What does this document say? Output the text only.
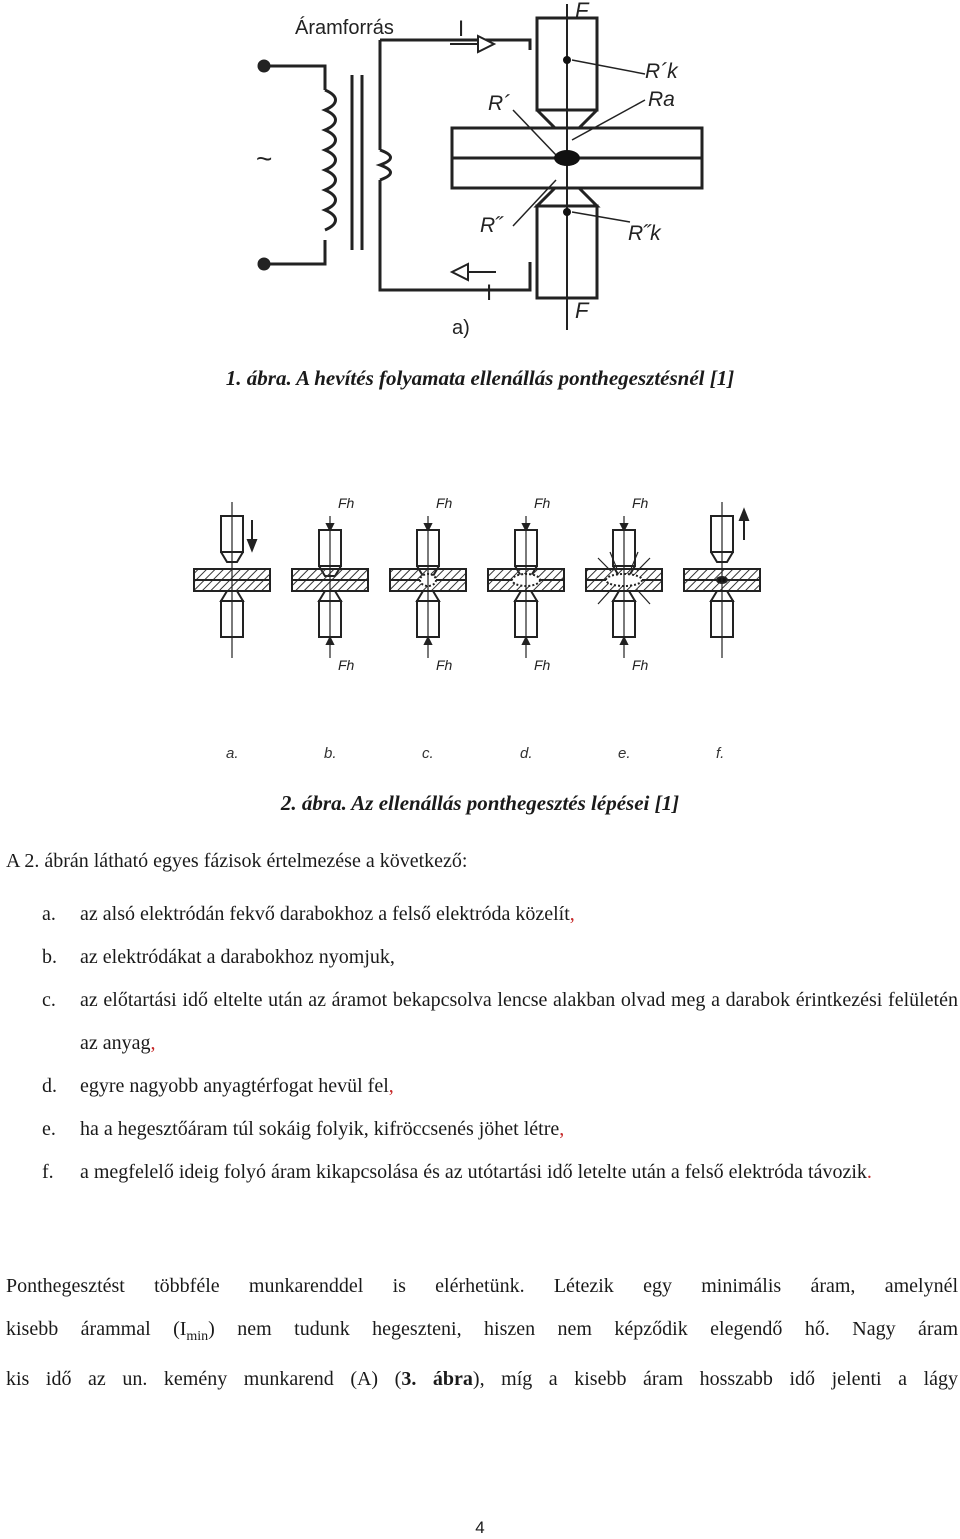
Áramforrás
~
I
I
F
F
R´
R´k
Ra
R˝	R˝k
a)
1. ábra. A hevítés folyamata ellenállás ponthegesztésnél [1]
Fh
Fh
Fh
Fh
Fh
Fh
Fh
Fh
a.	b.	c.	d.	e.	f.
2. ábra. Az ellenállás ponthegesztés lépései [1]
A 2. ábrán látható egyes fázisok értelmezése a következő:
a. az alsó elektródán fekvő darabokhoz a felső elektróda közelít,
b. az elektródákat a darabokhoz nyomjuk,
c. az előtartási idő eltelte után az áramot bekapcsolva lencse alakban olvad meg a darabok érintkezési felületén az anyag,
d. egyre nagyobb anyagtérfogat hevül fel,
e. ha a hegesztőáram túl sokáig folyik, kifröccsenés jöhet létre,
f. a megfelelő ideig folyó áram kikapcsolása és az utótartási idő letelte után a felső elektróda távozik.
Ponthegesztést többféle munkarenddel is elérhetünk. Létezik egy minimális áram, amelynél
kisebb árammal $(I_{min})$ nem tudunk hegeszteni, hiszen nem képződik elegendő hő. Nagy áram
kis idő az un. kemény munkarend (A) (3. ábra), míg a kisebb áram hosszabb idő jelenti a lágy
4
